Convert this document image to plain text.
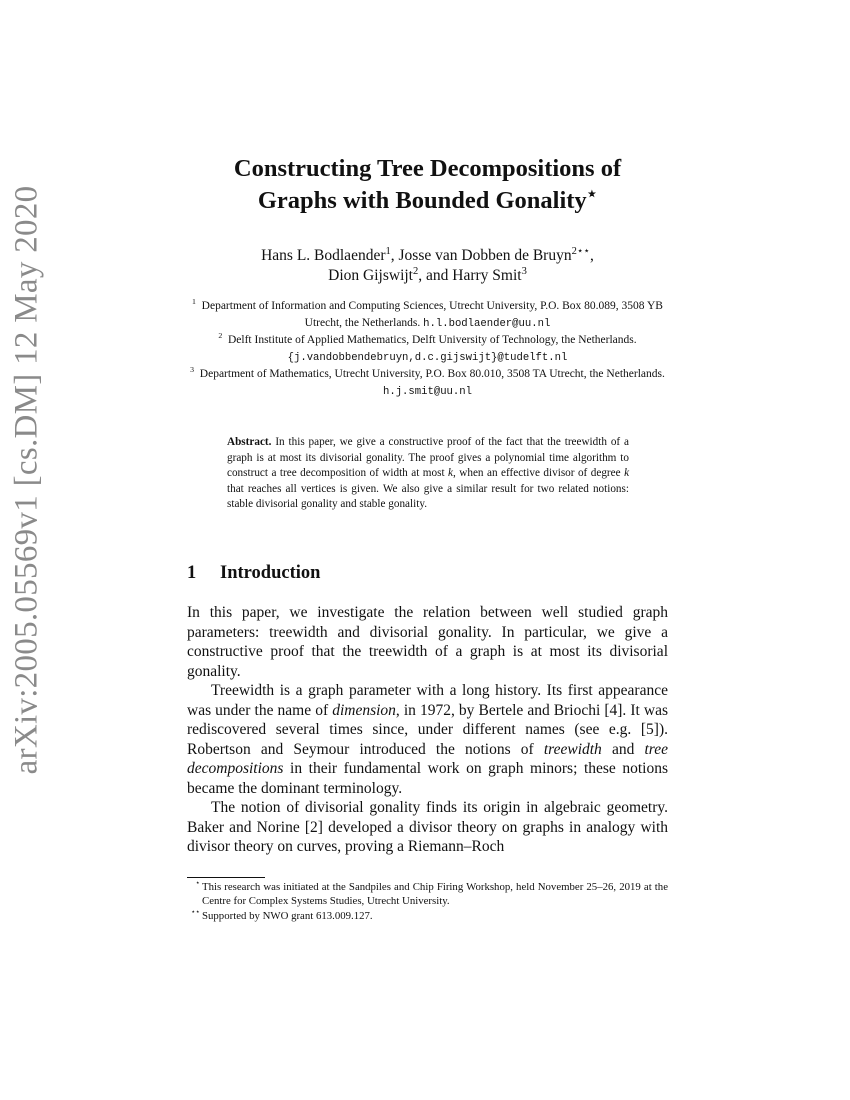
arXiv:2005.05569v1 [cs.DM] 12 May 2020
Constructing Tree Decompositions of
Graphs with Bounded Gonality⋆
Hans L. Bodlaender$^1$, Josse van Dobben de Bruyn$^{2⋆⋆}$,
Dion Gijswijt$^2$, and Harry Smit$^3$
$^1$ Department of Information and Computing Sciences, Utrecht University, P.O. Box 80.089, 3508 YB Utrecht, the Netherlands. h.l.bodlaender@uu.nl
$^2$ Delft Institute of Applied Mathematics, Delft University of Technology, the Netherlands. {j.vandobbendebruyn,d.c.gijswijt}@tudelft.nl
$^3$ Department of Mathematics, Utrecht University, P.O. Box 80.010, 3508 TA Utrecht, the Netherlands. h.j.smit@uu.nl
Abstract. In this paper, we give a constructive proof of the fact that the treewidth of a graph is at most its divisorial gonality. The proof gives a polynomial time algorithm to construct a tree decomposition of width at most k, when an effective divisor of degree k that reaches all vertices is given. We also give a similar result for two related notions: stable divisorial gonality and stable gonality.
1 Introduction

In this paper, we investigate the relation between well studied graph parameters: treewidth and divisorial gonality. In particular, we give a constructive proof that the treewidth of a graph is at most its divisorial gonality.

Treewidth is a graph parameter with a long history. Its first appearance was under the name of dimension, in 1972, by Bertele and Briochi [4]. It was rediscovered several times since, under different names (see e.g. [5]). Robertson and Seymour introduced the notions of treewidth and tree decompositions in their fundamental work on graph minors; these notions became the dominant terminology.

The notion of divisorial gonality finds its origin in algebraic geometry. Baker and Norine [2] developed a divisor theory on graphs in analogy with divisor theory on curves, proving a Riemann–Roch

⋆ This research was initiated at the Sandpiles and Chip Firing Workshop, held November 25–26, 2019 at the Centre for Complex Systems Studies, Utrecht University.
⋆⋆ Supported by NWO grant 613.009.127.
